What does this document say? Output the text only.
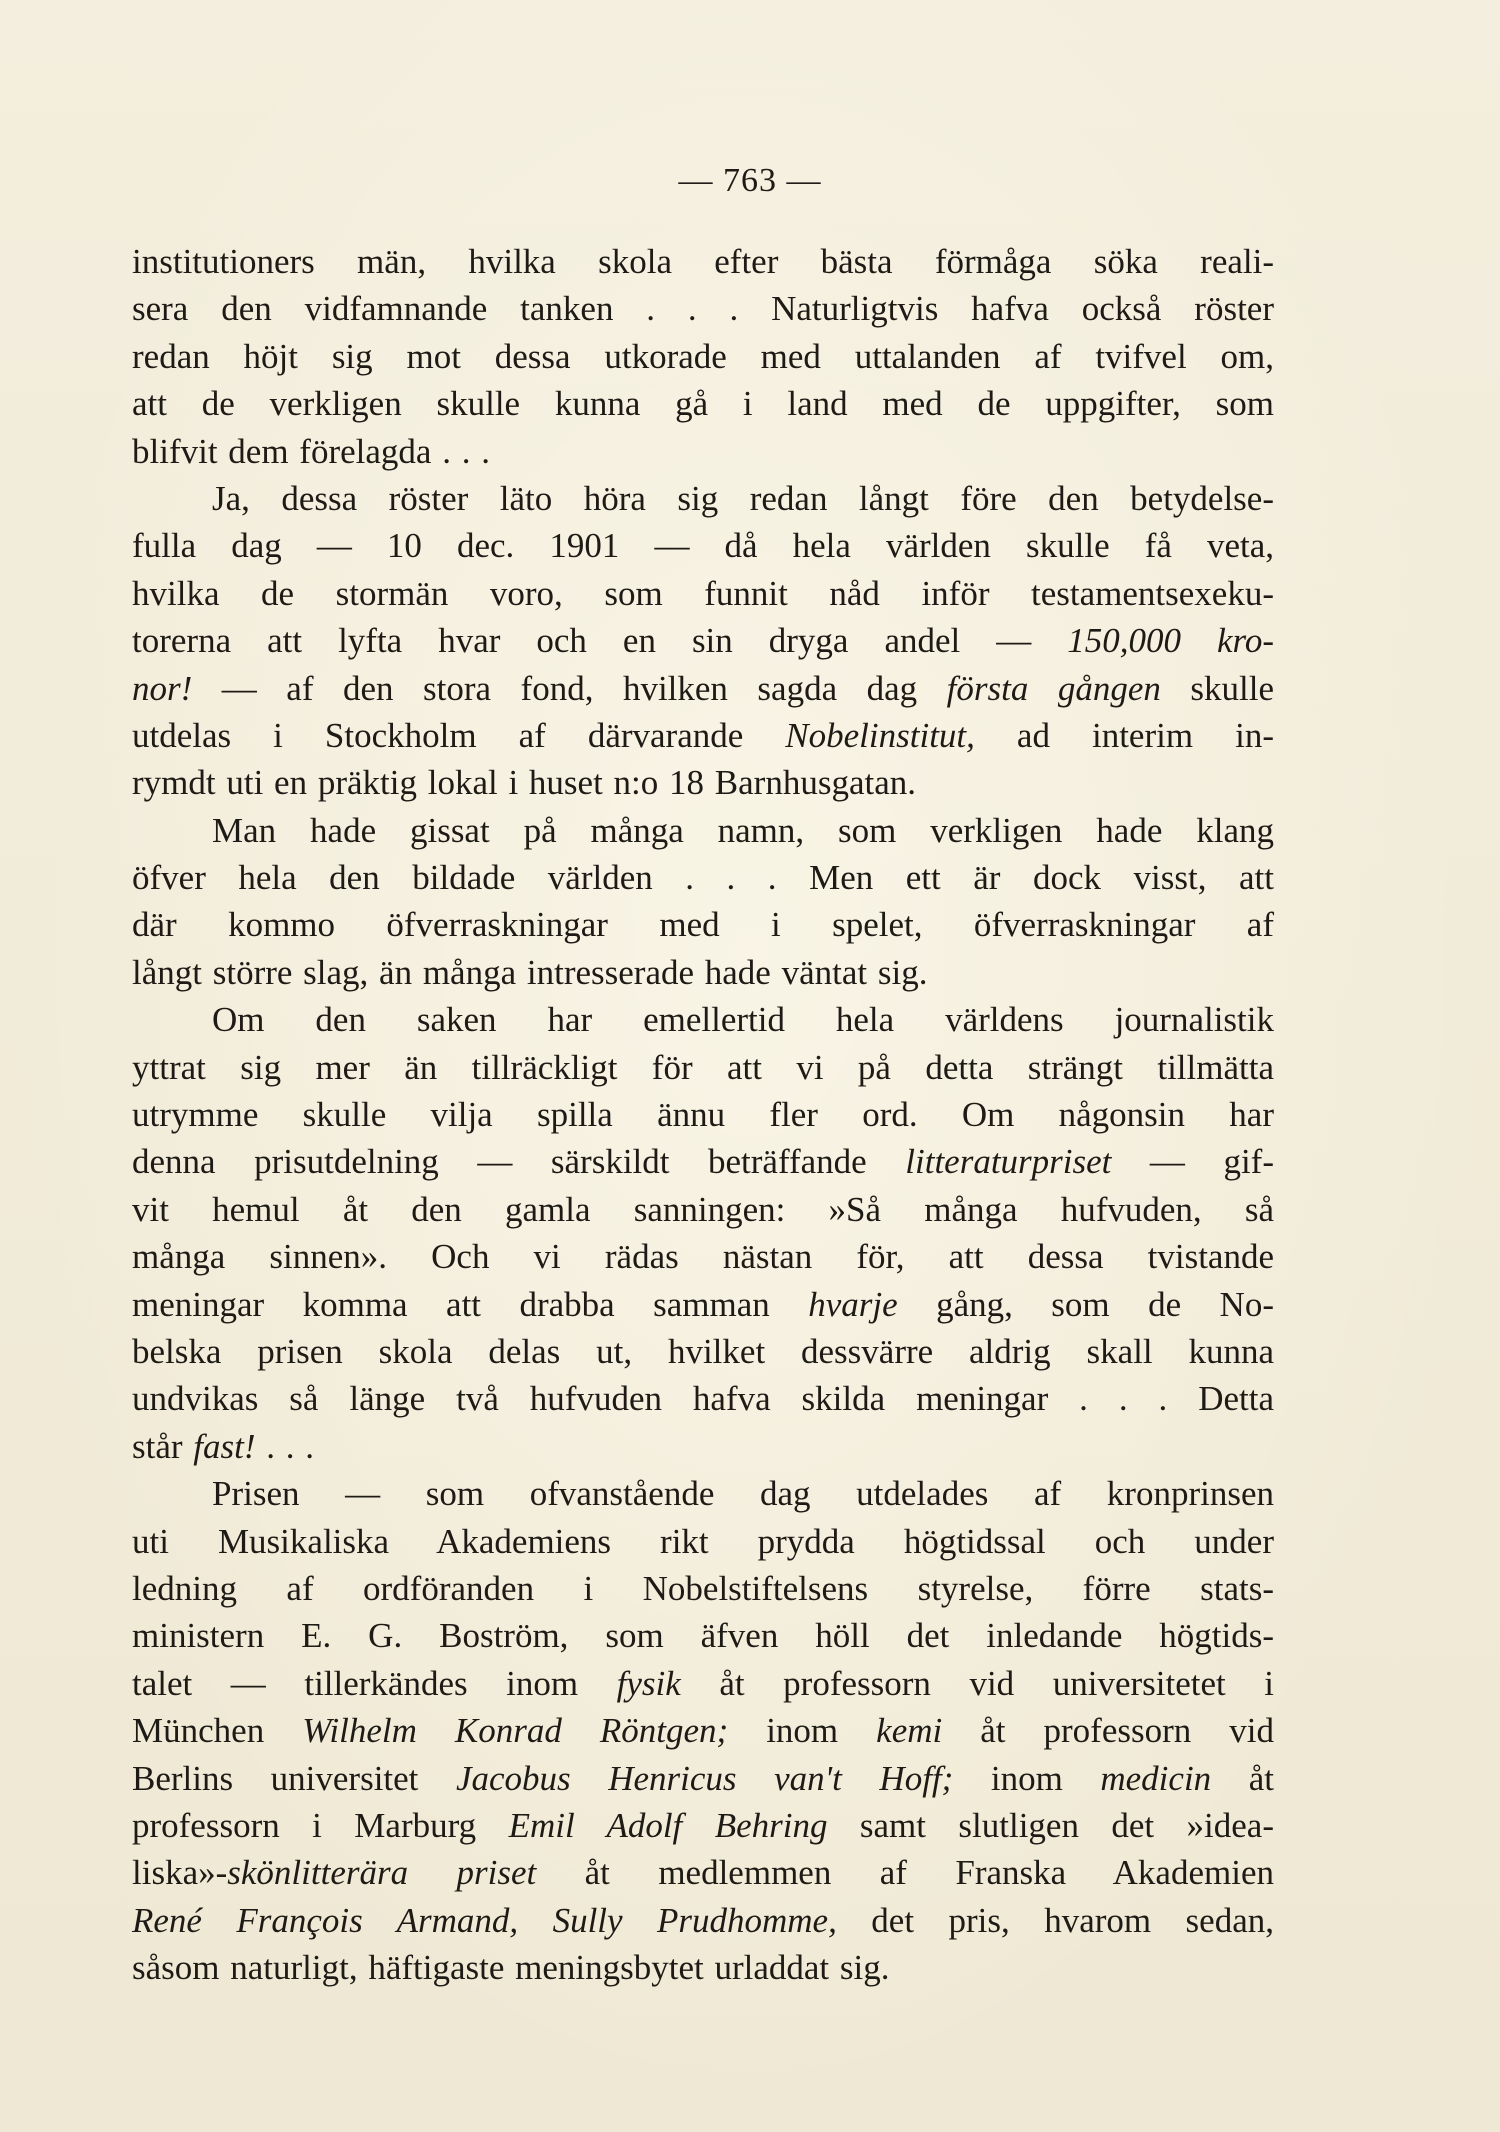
— 763 —
institutioners män, hvilka skola efter bästa förmåga söka reali-
sera den vidfamnande tanken . . . Naturligtvis hafva också röster
redan höjt sig mot dessa utkorade med uttalanden af tvifvel om,
att de verkligen skulle kunna gå i land med de uppgifter, som
blifvit dem förelagda . . .
Ja, dessa röster läto höra sig redan långt före den betydelse-
fulla dag — 10 dec. 1901 — då hela världen skulle få veta,
hvilka de stormän voro, som funnit nåd inför testamentsexeku-
torerna att lyfta hvar och en sin dryga andel — 150,000 kro-
nor! — af den stora fond, hvilken sagda dag första gången skulle
utdelas i Stockholm af därvarande Nobelinstitut, ad interim in-
rymdt uti en präktig lokal i huset n:o 18 Barnhusgatan.
Man hade gissat på många namn, som verkligen hade klang
öfver hela den bildade världen . . . Men ett är dock visst, att
där kommo öfverraskningar med i spelet, öfverraskningar af
långt större slag, än många intresserade hade väntat sig.
Om den saken har emellertid hela världens journalistik
yttrat sig mer än tillräckligt för att vi på detta strängt tillmätta
utrymme skulle vilja spilla ännu fler ord. Om någonsin har
denna prisutdelning — särskildt beträffande litteraturpriset — gif-
vit hemul åt den gamla sanningen: »Så många hufvuden, så
många sinnen». Och vi rädas nästan för, att dessa tvistande
meningar komma att drabba samman hvarje gång, som de No-
belska prisen skola delas ut, hvilket dessvärre aldrig skall kunna
undvikas så länge två hufvuden hafva skilda meningar . . . Detta
står fast! . . .
Prisen — som ofvanstående dag utdelades af kronprinsen
uti Musikaliska Akademiens rikt prydda högtidssal och under
ledning af ordföranden i Nobelstiftelsens styrelse, förre stats-
ministern E. G. Boström, som äfven höll det inledande högtids-
talet — tillerkändes inom fysik åt professorn vid universitetet i
München Wilhelm Konrad Röntgen; inom kemi åt professorn vid
Berlins universitet Jacobus Henricus van't Hoff; inom medicin åt
professorn i Marburg Emil Adolf Behring samt slutligen det »idea-
liska»-skönlitterära priset åt medlemmen af Franska Akademien
René François Armand, Sully Prudhomme, det pris, hvarom sedan,
såsom naturligt, häftigaste meningsbytet urladdat sig.
